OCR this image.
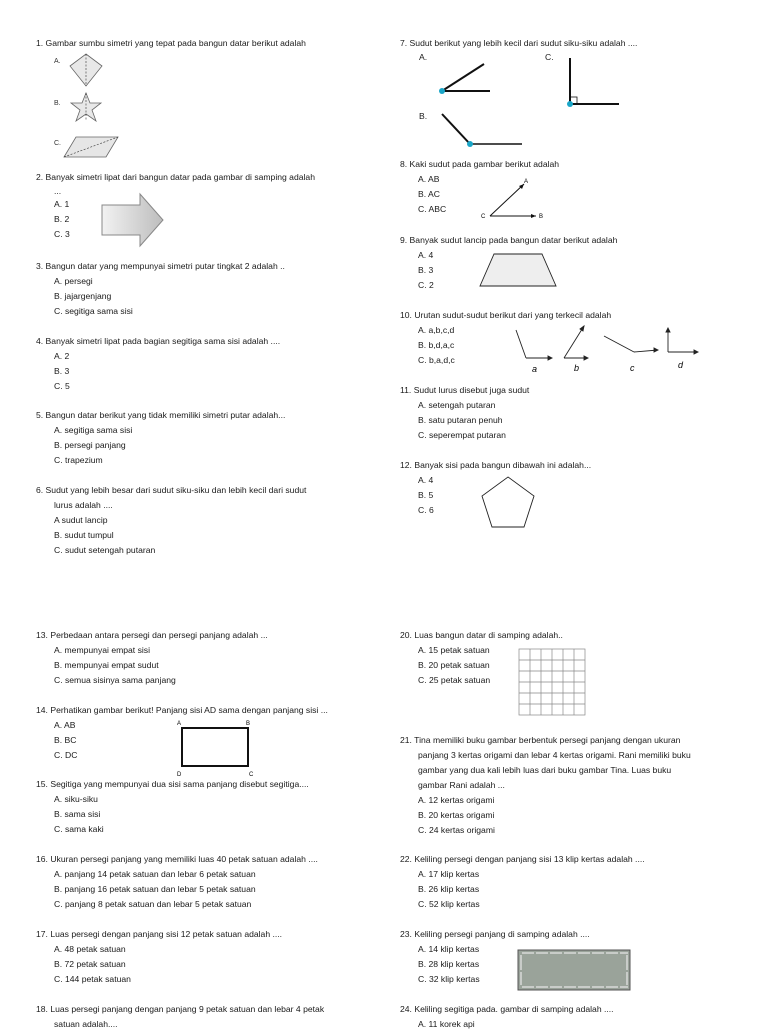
1. Gambar sumbu simetri yang tepat pada bangun datar berikut adalah
A.
B.
C.
2. Banyak simetri lipat dari bangun datar pada gambar di samping adalah
...
A. 1
B. 2
C. 3
3. Bangun datar yang mempunyai simetri putar tingkat 2 adalah ..
A. persegi
B. jajargenjang
C. segitiga sama sisi
4. Banyak simetri lipat pada bagian segitiga sama sisi adalah ....
A. 2
B. 3
C. 5
5. Bangun datar berikut yang tidak memiliki simetri putar adalah...
A. segitiga sama sisi
B. persegi panjang
C. trapezium
6. Sudut yang lebih besar dari sudut siku-siku dan lebih kecil dari sudut
lurus adalah ....
A sudut lancip
B. sudut tumpul
C. sudut setengah putaran
7. Sudut berikut yang lebih kecil dari sudut siku-siku adalah ....
A.	C.
B.
8. Kaki sudut pada gambar berikut adalah
A. AB
B. AC
C. ABC
A
C	B
9. Banyak sudut lancip pada bangun datar berikut adalah
A. 4
B. 3
C. 2
10. Urutan sudut-sudut berikut dari yang terkecil adalah
A. a,b,c,d
B. b,d,a,c
C. b,a,d,c
a	b	c	d
11. Sudut lurus disebut juga sudut
A. setengah putaran
B. satu putaran penuh
C. seperempat putaran
12. Banyak sisi pada bangun dibawah ini adalah...
A. 4
B. 5
C. 6
13. Perbedaan antara persegi dan persegi panjang adalah ...
A. mempunyai empat sisi
B. mempunyai empat sudut
C. semua sisinya sama panjang
14. Perhatikan gambar berikut! Panjang sisi AD sama dengan panjang sisi ...
A. AB
B. BC
C. DC
A	B
D	C
15. Segitiga yang mempunyai dua sisi sama panjang disebut segitiga....
A. siku-siku
B. sama sisi
C. sama kaki
16. Ukuran persegi panjang yang memiliki luas 40 petak satuan adalah ....
A. panjang 14 petak satuan dan lebar 6 petak satuan
B. panjang 16 petak satuan dan lebar 5 petak satuan
C. panjang 8 petak satuan dan lebar 5 petak satuan
17. Luas persegi dengan panjang sisi 12 petak satuan adalah ....
A. 48 petak satuan
B. 72 petak satuan
C. 144 petak satuan
18. Luas persegi panjang dengan panjang 9 petak satuan dan lebar 4 petak
satuan adalah....
20. Luas bangun datar di samping adalah..
A. 15 petak satuan
B. 20 petak satuan
C. 25 petak satuan
21. Tina memiliki buku gambar berbentuk persegi panjang dengan ukuran
panjang 3 kertas origami dan lebar 4 kertas origami. Rani memiliki buku
gambar yang dua kali lebih luas dari buku gambar Tina. Luas buku
gambar Rani adalah ...
A. 12 kertas origami
B. 20 kertas origami
C. 24 kertas origami
22. Keliling persegi dengan panjang sisi 13 klip kertas adalah ....
A. 17 klip kertas
B. 26 klip kertas
C. 52 klip kertas
23. Keliling persegi panjang di samping adalah ....
A. 14 klip kertas
B. 28 klip kertas
C. 32 klip kertas
24. Keliling segitiga pada. gambar di samping adalah ....
A. 11 korek api
